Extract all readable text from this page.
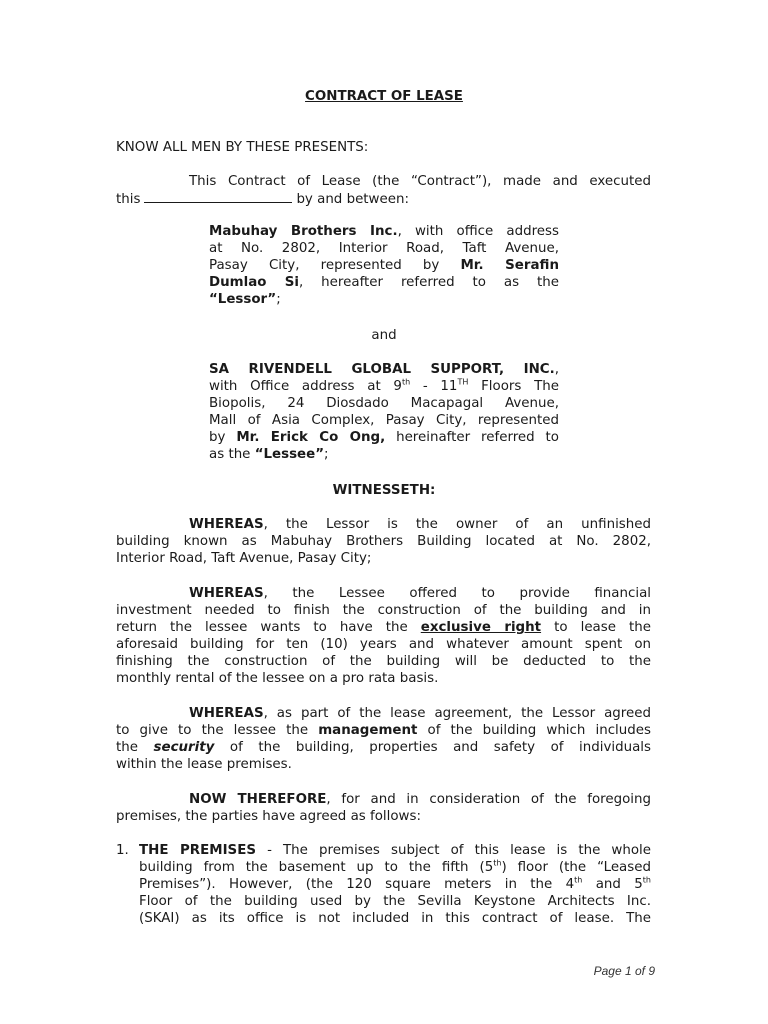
CONTRACT OF LEASE
KNOW ALL MEN BY THESE PRESENTS:

This Contract of Lease (the “Contract”), made and executed

this	by and between:

Mabuhay Brothers Inc., with office address

at No. 2802, Interior Road, Taft Avenue,

Pasay City, represented by Mr. Serafin

Dumlao Si, hereafter referred to as the

“Lessor”;

and

SA RIVENDELL GLOBAL SUPPORT, INC.,

with Office address at 9th - 11TH Floors The

Biopolis, 24 Diosdado Macapagal Avenue,

Mall of Asia Complex, Pasay City, represented

by Mr. Erick Co Ong, hereinafter referred to

as the “Lessee”;

WITNESSETH:

WHEREAS, the Lessor is the owner of an unfinished

building known as Mabuhay Brothers Building located at No. 2802,

Interior Road, Taft Avenue, Pasay City;

WHEREAS, the Lessee offered to provide financial

investment needed to finish the construction of the building and in

return the lessee wants to have the exclusive right to lease the

aforesaid building for ten (10) years and whatever amount spent on

finishing the construction of the building will be deducted to the

monthly rental of the lessee on a pro rata basis.

WHEREAS, as part of the lease agreement, the Lessor agreed

to give to the lessee the management of the building which includes

the security of the building, properties and safety of individuals

within the lease premises.

NOW THEREFORE, for and in consideration of the foregoing

premises, the parties have agreed as follows:

1. THE PREMISES - The premises subject of this lease is the whole

building from the basement up to the fifth (5th) floor (the “Leased

Premises”). However, (the 120 square meters in the 4th and 5th

Floor of the building used by the Sevilla Keystone Architects Inc.

(SKAI) as its office is not included in this contract of lease. The

Page 1 of 9
